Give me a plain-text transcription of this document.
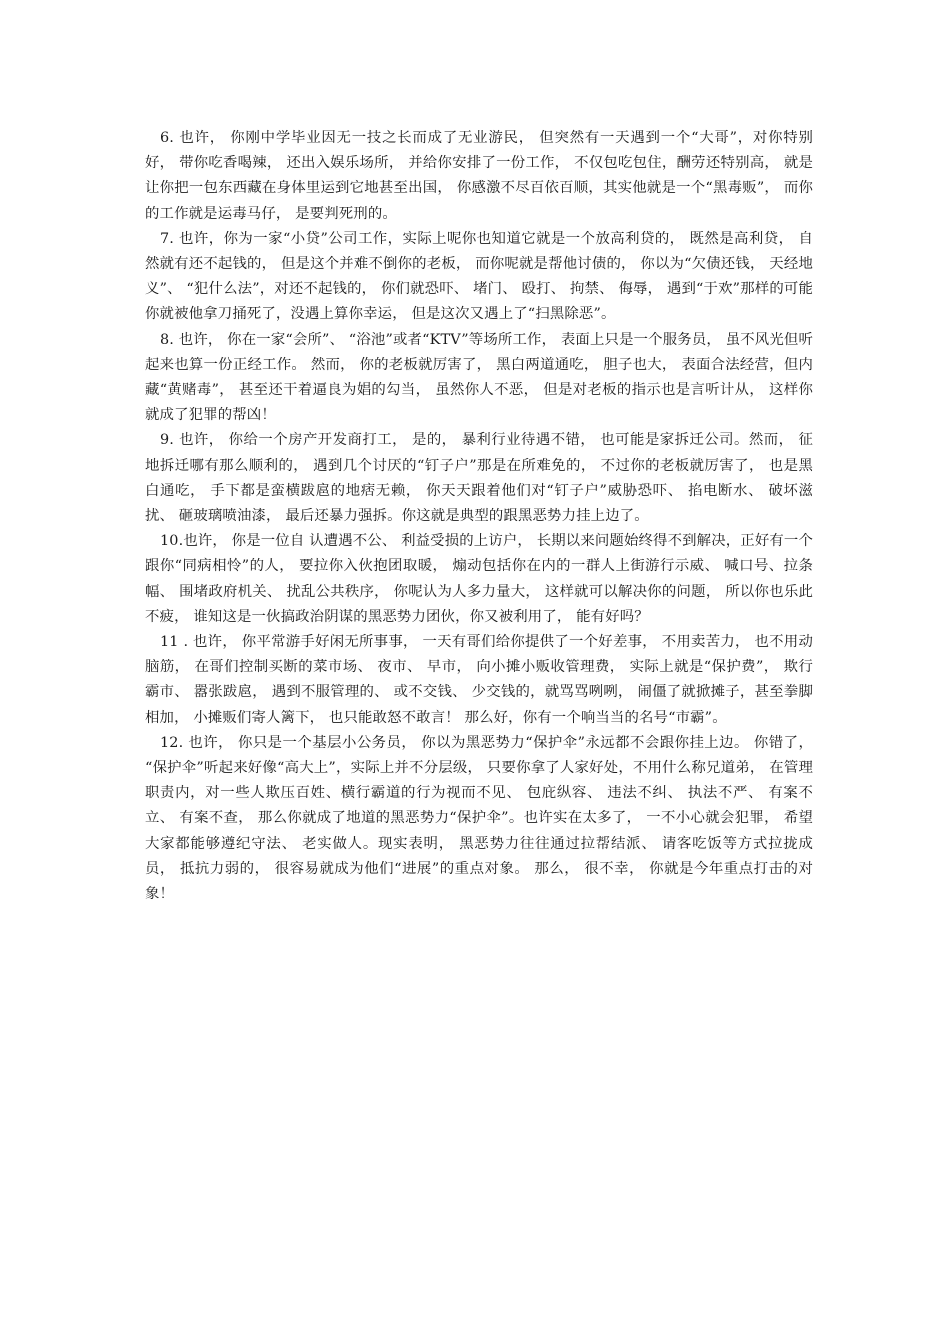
6. 也许， 你刚中学毕业因无一技之长而成了无业游民， 但突然有一天遇到一个“大哥”，对你特别好， 带你吃香喝辣， 还出入娱乐场所， 并给你安排了一份工作， 不仅包吃包住，酬劳还特别高， 就是让你把一包东西藏在身体里运到它地甚至出国， 你感激不尽百依百顺，其实他就是一个“黑毒贩”， 而你的工作就是运毒马仔， 是要判死刑的。

7. 也许，你为一家“小贷”公司工作，实际上呢你也知道它就是一个放高利贷的， 既然是高利贷， 自然就有还不起钱的， 但是这个并难不倒你的老板， 而你呢就是帮他讨债的， 你以为“欠债还钱， 天经地义”、 “犯什么法”，对还不起钱的， 你们就恐吓、 堵门、 殴打、 拘禁、 侮辱， 遇到“于欢”那样的可能你就被他拿刀捅死了，没遇上算你幸运， 但是这次又遇上了“扫黑除恶”。

8. 也许， 你在一家“会所”、 “浴池”或者“KTV”等场所工作， 表面上只是一个服务员， 虽不风光但听起来也算一份正经工作。 然而， 你的老板就厉害了， 黑白两道通吃， 胆子也大， 表面合法经营，但内藏“黄赌毒”， 甚至还干着逼良为娼的勾当， 虽然你人不恶， 但是对老板的指示也是言听计从， 这样你就成了犯罪的帮凶！

9. 也许， 你给一个房产开发商打工， 是的， 暴利行业待遇不错， 也可能是家拆迁公司。然而， 征地拆迁哪有那么顺利的， 遇到几个讨厌的“钉子户”那是在所难免的， 不过你的老板就厉害了， 也是黑白通吃， 手下都是蛮横跋扈的地痞无赖， 你天天跟着他们对“钉子户”威胁恐吓、 掐电断水、 破坏滋扰、 砸玻璃喷油漆， 最后还暴力强拆。你这就是典型的跟黑恶势力挂上边了。

10.也许， 你是一位自 认遭遇不公、 利益受损的上访户， 长期以来问题始终得不到解决，正好有一个跟你“同病相怜”的人， 要拉你入伙抱团取暖， 煽动包括你在内的一群人上街游行示威、 喊口号、拉条幅、 围堵政府机关、 扰乱公共秩序， 你呢认为人多力量大， 这样就可以解决你的问题， 所以你也乐此不疲， 谁知这是一伙搞政治阴谋的黑恶势力团伙，你又被利用了， 能有好吗？

11 . 也许， 你平常游手好闲无所事事， 一天有哥们给你提供了一个好差事， 不用卖苦力， 也不用动脑筋， 在哥们控制买断的菜市场、 夜市、 早市， 向小摊小贩收管理费， 实际上就是“保护费”， 欺行霸市、 嚣张跋扈， 遇到不服管理的、 或不交钱、 少交钱的，就骂骂咧咧， 闹僵了就掀摊子，甚至拳脚相加， 小摊贩们寄人篱下， 也只能敢怒不敢言！ 那么好，你有一个响当当的名号“市霸”。

12. 也许， 你只是一个基层小公务员， 你以为黑恶势力“保护伞”永远都不会跟你挂上边。 你错了， “保护伞”听起来好像“高大上”，实际上并不分层级， 只要你拿了人家好处，不用什么称兄道弟， 在管理职责内，对一些人欺压百姓、横行霸道的行为视而不见、 包庇纵容、 违法不纠、 执法不严、 有案不立、 有案不查， 那么你就成了地道的黑恶势力“保护伞”。也许实在太多了， 一不小心就会犯罪， 希望大家都能够遵纪守法、 老实做人。现实表明， 黑恶势力往往通过拉帮结派、 请客吃饭等方式拉拢成员， 抵抗力弱的， 很容易就成为他们“进展”的重点对象。 那么， 很不幸， 你就是今年重点打击的对象！
